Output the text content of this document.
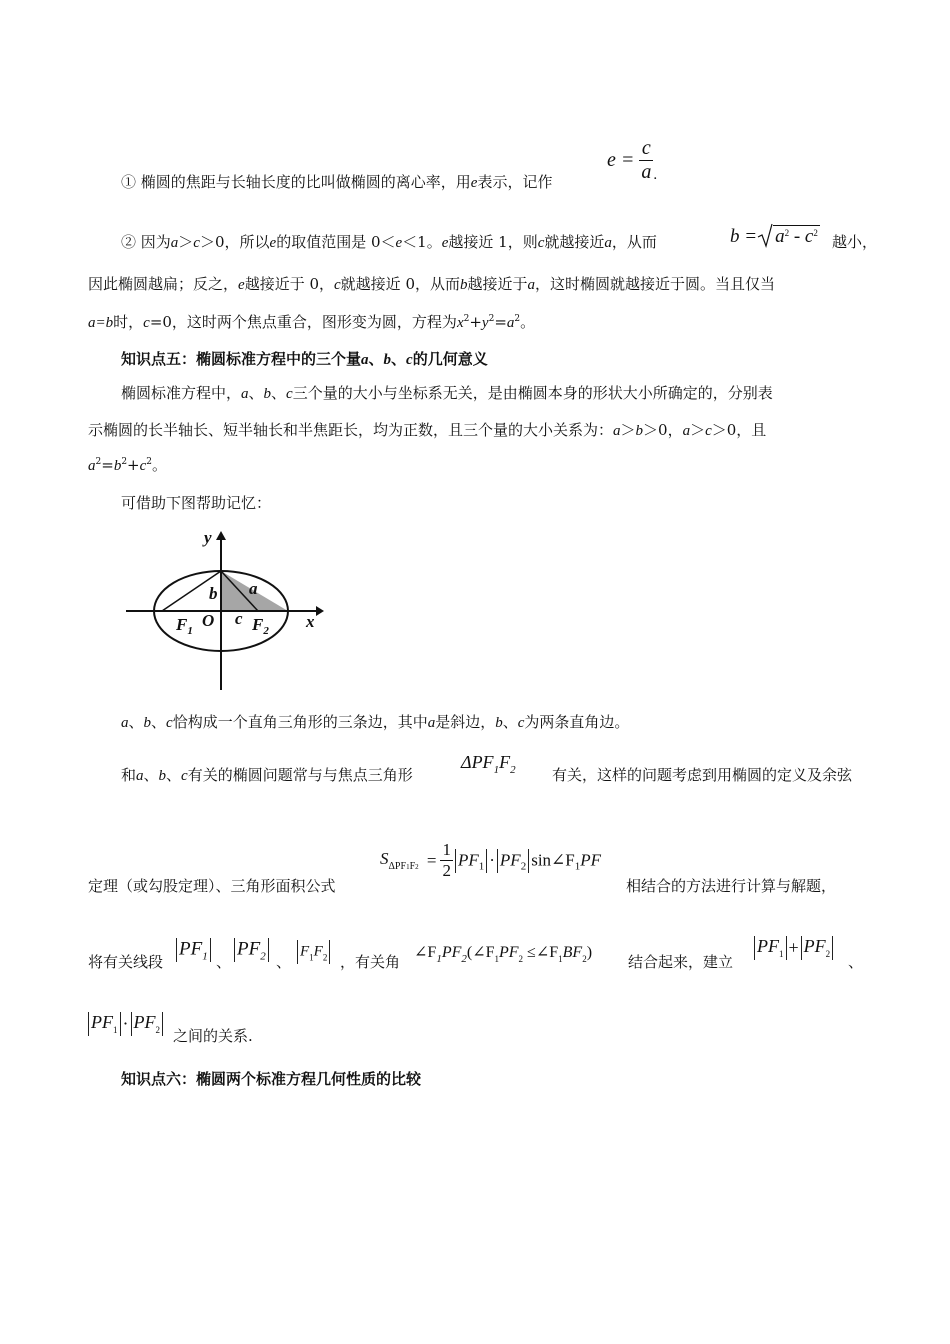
① 椭圆的焦距与长轴长度的比叫做椭圆的离心率，用e表示，记作
$e = \frac{c}{a} _.$
② 因为a＞c＞0，所以e的取值范围是 0＜e＜1。e越接近 1，则c就越接近a，从而	$b = a^2 - c^2$ 越小，
因此椭圆越扁；反之，e越接近于 0，c就越接近 0，从而b越接近于a，这时椭圆就越接近于圆。当且仅当
a=b时，c=0，这时两个焦点重合，图形变为圆，方程为$x^2+y^2=a^2$。
知识点五：椭圆标准方程中的三个量a、b、c的几何意义
椭圆标准方程中，a、b、c三个量的大小与坐标系无关，是由椭圆本身的形状大小所确定的，分别表
示椭圆的长半轴长、短半轴长和半焦距长，均为正数，且三个量的大小关系为：a＞b＞0，a＞c＞0，且
$a^2=b^2+c^2$。
可借助下图帮助记忆：
y
x
b a
O c
$F_1$	$F_2$
a、b、c恰构成一个直角三角形的三条边，其中a是斜边，b、c为两条直角边。
和a、b、c有关的椭圆问题常与与焦点三角形
$\Delta PF_1F_2$ 有关，这样的问题考虑到用椭圆的定义及余弦
定理（或勾股定理）、三角形面积公式
$S_{\Delta PF1F2} = \frac{1}{2} PF_1 \cdot PF_2$ $\sin\angle F_1PF$
相结合的方法进行计算与解题，
将有关线段
$PF_1$ 、
$PF_2$ 、
$F_1F_2$ ，有关角
$\angle F_1PF_2(\angle F_1PF_2$ $\le\angle F_1BF_2$)
结合起来，建立
$PF_1 + PF_2$	、
$PF_1 \cdot PF_2$ 之间的关系.
知识点六：椭圆两个标准方程几何性质的比较
